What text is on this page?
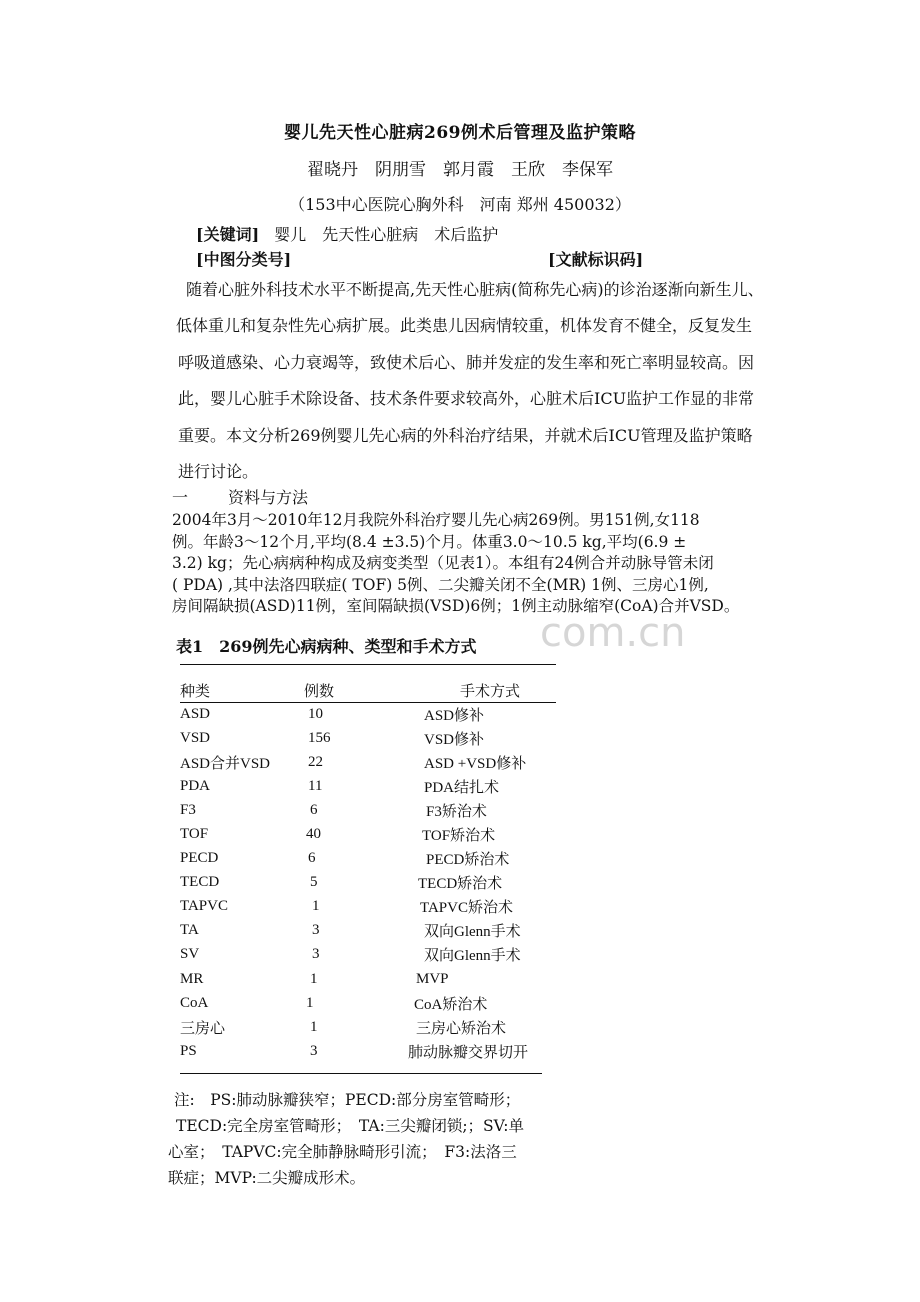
婴儿先天性心脏病269例术后管理及监护策略
翟晓丹　阴朋雪　郭月霞　王欣　李保军
（153中心医院心胸外科　河南 郑州 450032）
[关键词] 婴儿　先天性心脏病　术后监护
[中图分类号]	[文献标识码]
随着心脏外科技术水平不断提高,先天性心脏病(简称先心病)的诊治逐渐向新生儿、
低体重儿和复杂性先心病扩展。此类患儿因病情较重，机体发育不健全，反复发生
呼吸道感染、心力衰竭等，致使术后心、肺并发症的发生率和死亡率明显较高。因
此，婴儿心脏手术除设备、技术条件要求较高外，心脏术后ICU监护工作显的非常
重要。本文分析269例婴儿先心病的外科治疗结果，并就术后ICU管理及监护策略
进行讨论。
一	资料与方法
2004年3月～2010年12月我院外科治疗婴儿先心病269例。男151例,女118
例。年龄3～12个月,平均(8.4 ±3.5)个月。体重3.0～10.5 kg,平均(6.9 ±
3.2) kg；先心病病种构成及病变类型（见表1）。本组有24例合并动脉导管未闭
( PDA) ,其中法洛四联症( TOF) 5例、二尖瓣关闭不全(MR) 1例、三房心1例,
房间隔缺损(ASD)11例，室间隔缺损(VSD)6例；1例主动脉缩窄(CoA)合并VSD。
com.cn
表1　269例先心病病种、类型和手术方式
种类	例数	手术方式
ASD	10	ASD修补
VSD	156	VSD修补
ASD合并VSD	22	ASD +VSD修补
PDA	11	PDA结扎术
F3	6	F3矫治术
TOF	40	TOF矫治术
PECD	6	PECD矫治术
TECD	5	TECD矫治术
TAPVC	1	TAPVC矫治术
TA	3	双向Glenn手术
SV	3	双向Glenn手术
MR	1	MVP
CoA	1	CoA矫治术
三房心	1	三房心矫治术
PS	3	肺动脉瓣交界切开
注:　PS:肺动脉瓣狭窄；PECD:部分房室管畸形；
TECD:完全房室管畸形；　TA:三尖瓣闭锁;；SV:单
心室；　TAPVC:完全肺静脉畸形引流；　F3:法洛三
联症；MVP:二尖瓣成形术。
